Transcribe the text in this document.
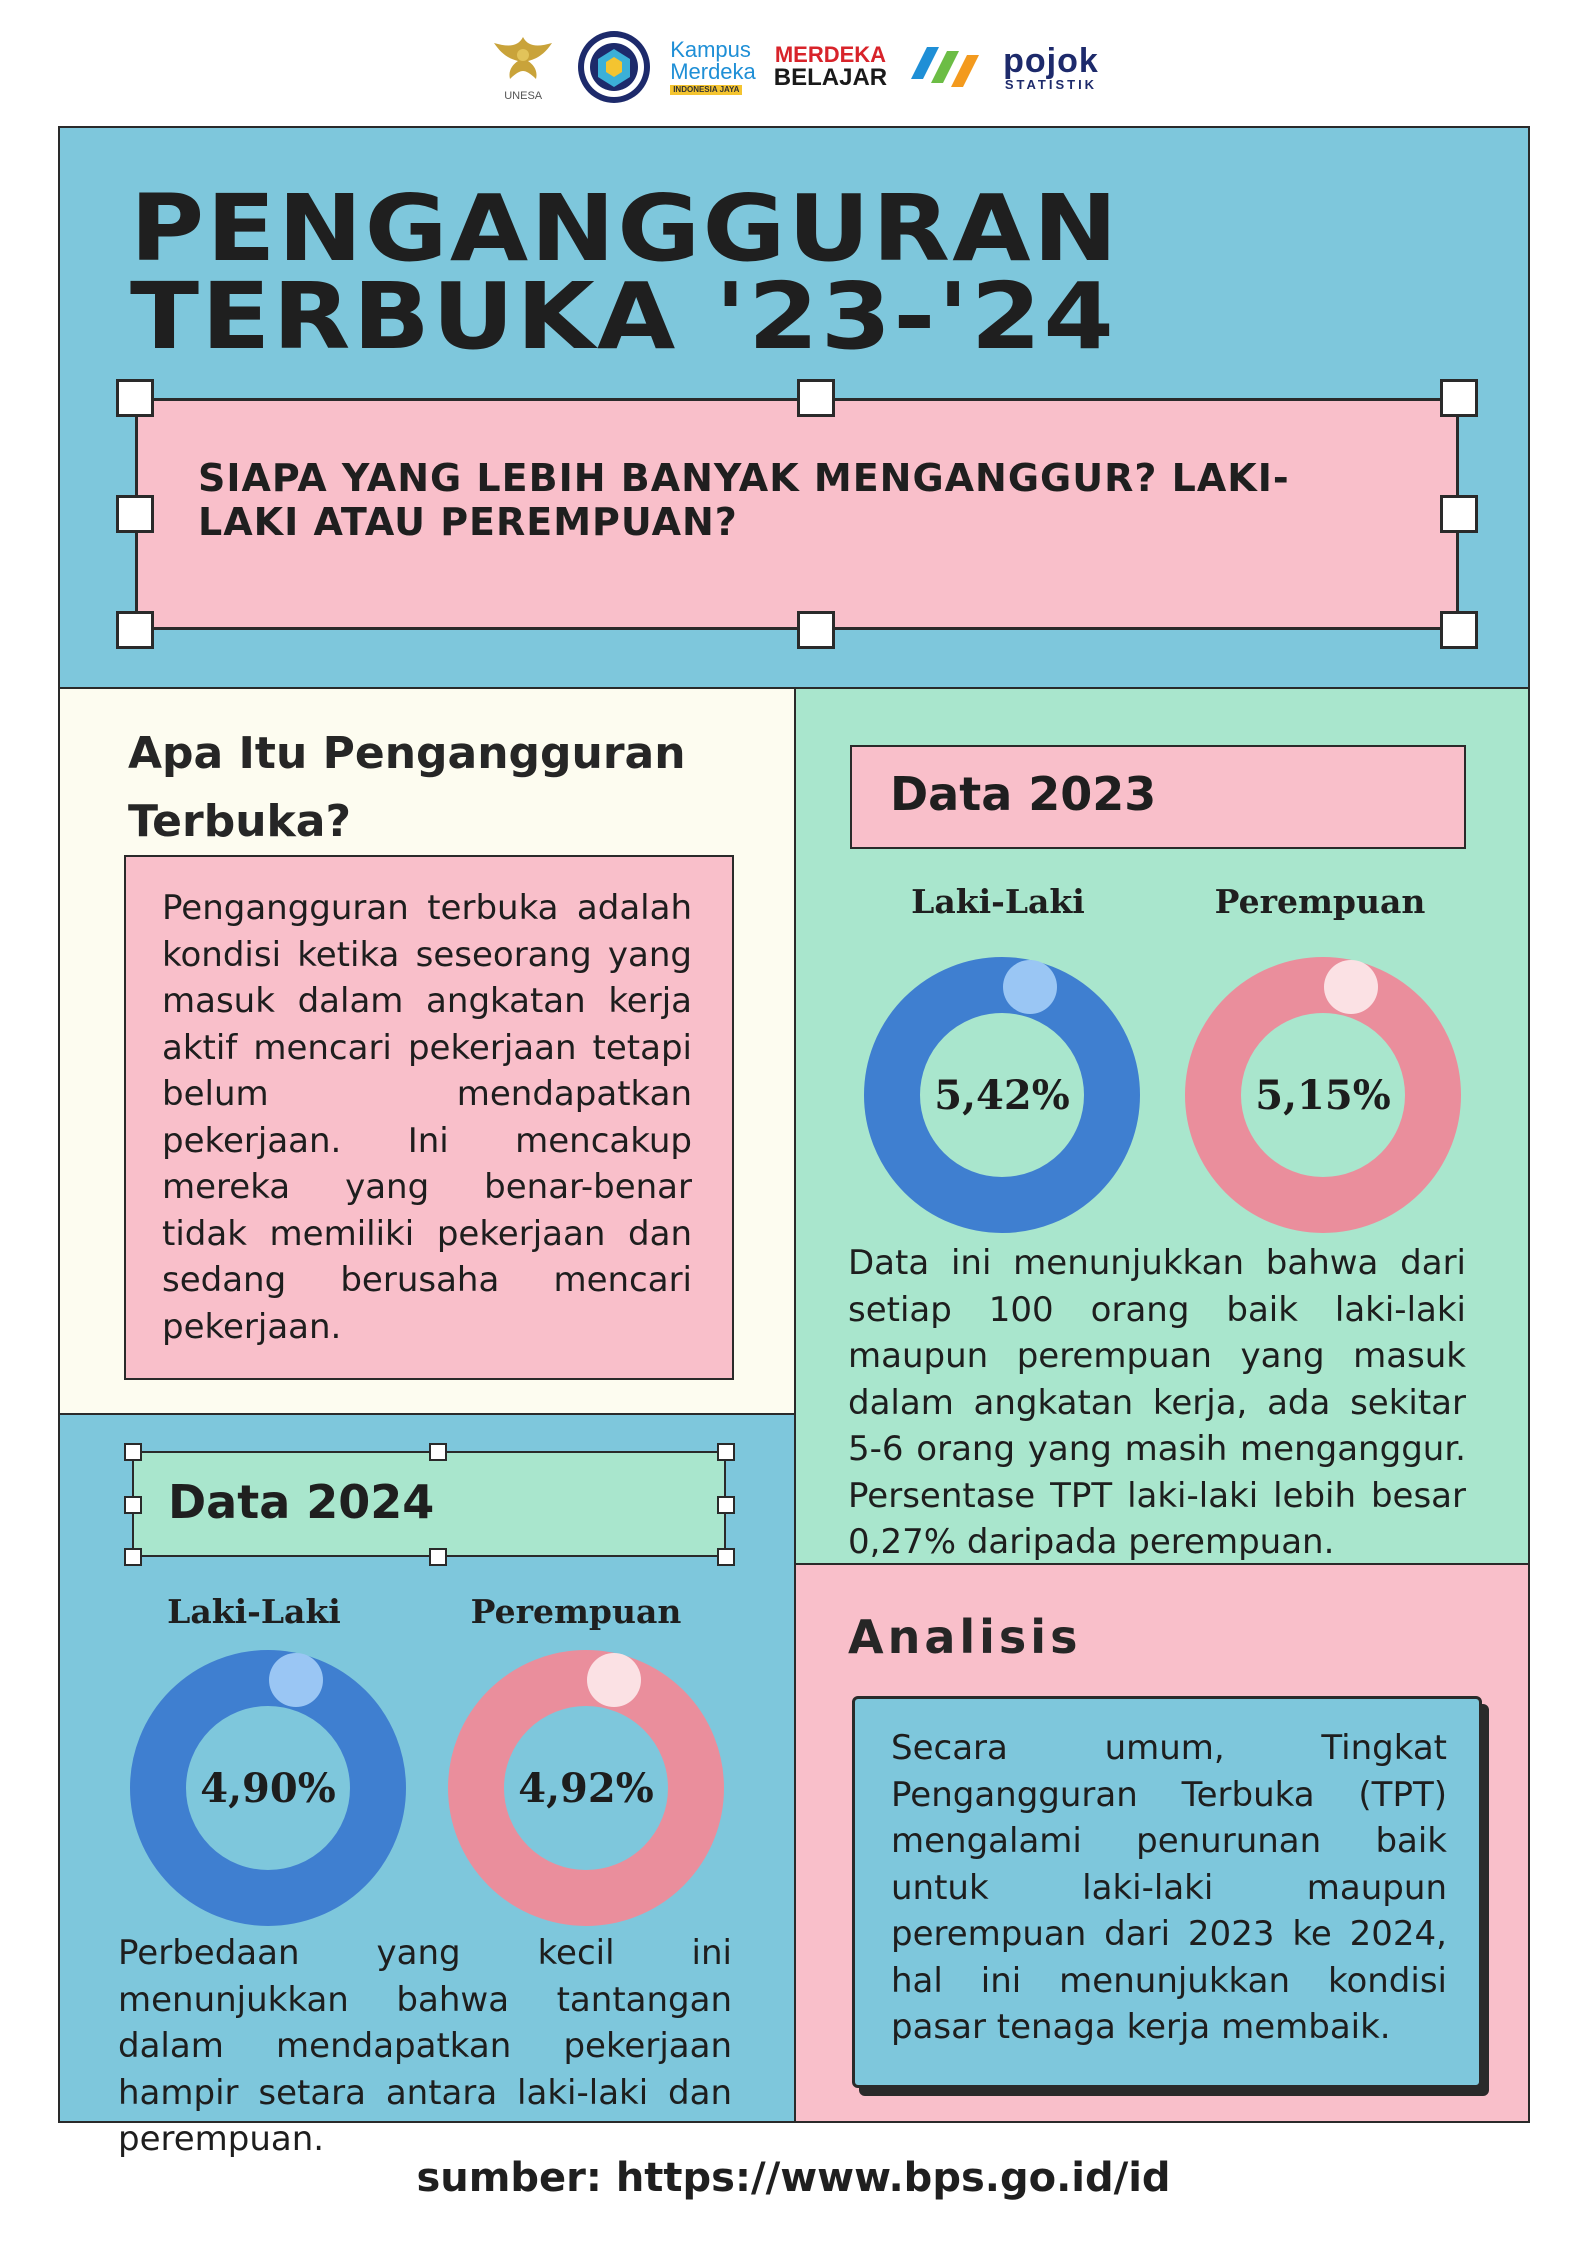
UNESA
Kampus
Merdeka
INDONESIA JAYA
MERDEKA
BELAJAR	pojok
STATISTIK
PENGANGGURAN
TERBUKA '23-'24
SIAPA YANG LEBIH BANYAK MENGANGGUR? LAKI-LAKI ATAU PEREMPUAN?
Apa Itu Pengangguran Terbuka?
Pengangguran terbuka adalah kondisi ketika seseorang yang masuk dalam angkatan kerja aktif mencari pekerjaan tetapi belum mendapatkan pekerjaan. Ini mencakup mereka yang benar-benar tidak memiliki pekerjaan dan sedang berusaha mencari pekerjaan.
Data 2023
Laki-Laki	Perempuan
5,42%	5,15%
Data ini menunjukkan bahwa dari setiap 100 orang baik laki-laki maupun perempuan yang masuk dalam angkatan kerja, ada sekitar 5-6 orang yang masih menganggur. Persentase TPT laki-laki lebih besar 0,27% daripada perempuan.
Analisis
Secara umum, Tingkat Pengangguran Terbuka (TPT) mengalami penurunan baik untuk laki-laki maupun perempuan dari 2023 ke 2024, hal ini menunjukkan kondisi pasar tenaga kerja membaik.
Data 2024
Laki-Laki	Perempuan
4,90%	4,92%
Perbedaan yang kecil ini menunjukkan bahwa tantangan dalam mendapatkan pekerjaan hampir setara antara laki-laki dan perempuan.
sumber: https://www.bps.go.id/id
